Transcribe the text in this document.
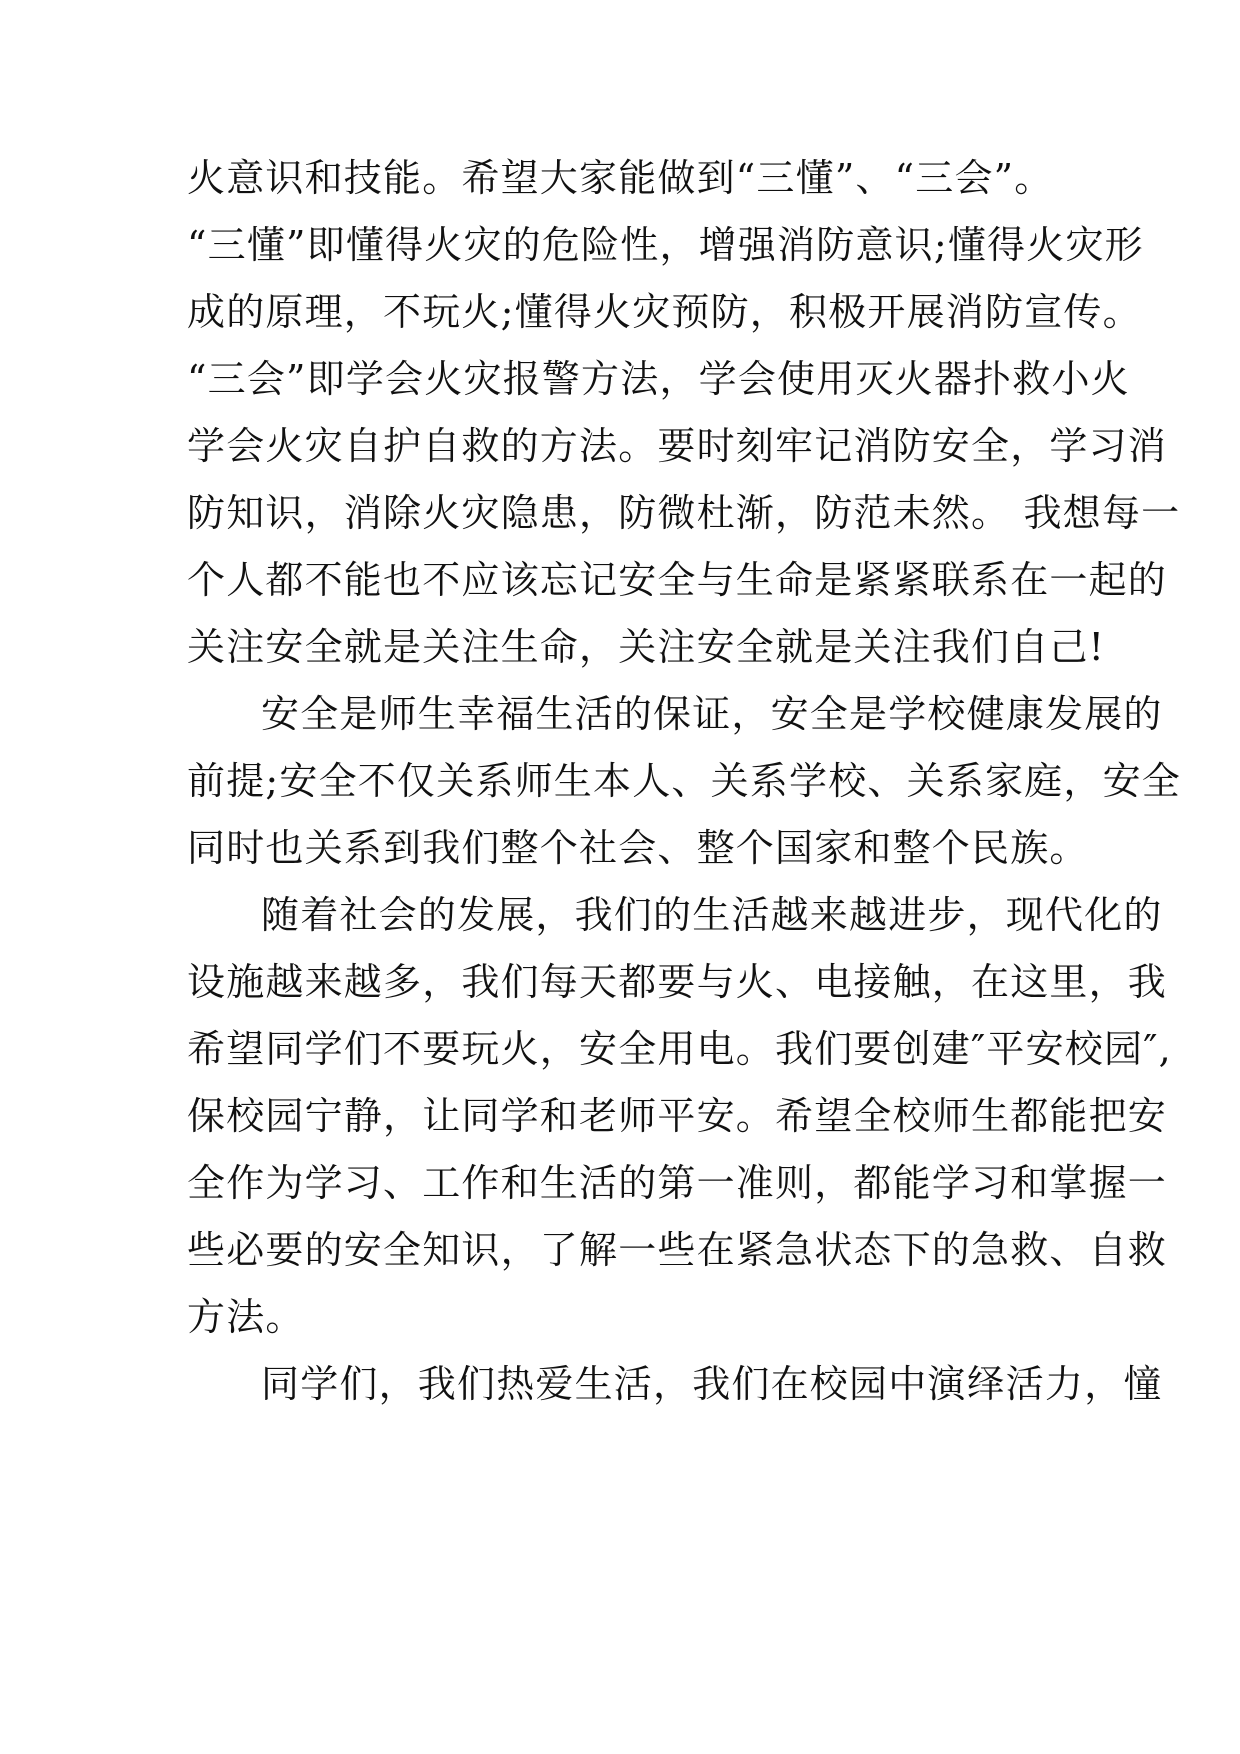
火意识和技能。希望大家能做到“三懂”、“三会”。
“三懂”即懂得火灾的危险性，增强消防意识;懂得火灾形
成的原理，不玩火;懂得火灾预防，积极开展消防宣传。
“三会”即学会火灾报警方法，学会使用灭火器扑救小火
学会火灾自护自救的方法。要时刻牢记消防安全，学习消
防知识，消除火灾隐患，防微杜渐，防范未然。 我想每一
个人都不能也不应该忘记安全与生命是紧紧联系在一起的
关注安全就是关注生命，关注安全就是关注我们自己!
安全是师生幸福生活的保证，安全是学校健康发展的
前提;安全不仅关系师生本人、关系学校、关系家庭，安全
同时也关系到我们整个社会、整个国家和整个民族。
随着社会的发展，我们的生活越来越进步，现代化的
设施越来越多，我们每天都要与火、电接触，在这里，我
希望同学们不要玩火，安全用电。我们要创建″平安校园″,
保校园宁静，让同学和老师平安。希望全校师生都能把安
全作为学习、工作和生活的第一准则，都能学习和掌握一
些必要的安全知识，了解一些在紧急状态下的急救、自救
方法。
同学们，我们热爱生活，我们在校园中演绎活力，憧
